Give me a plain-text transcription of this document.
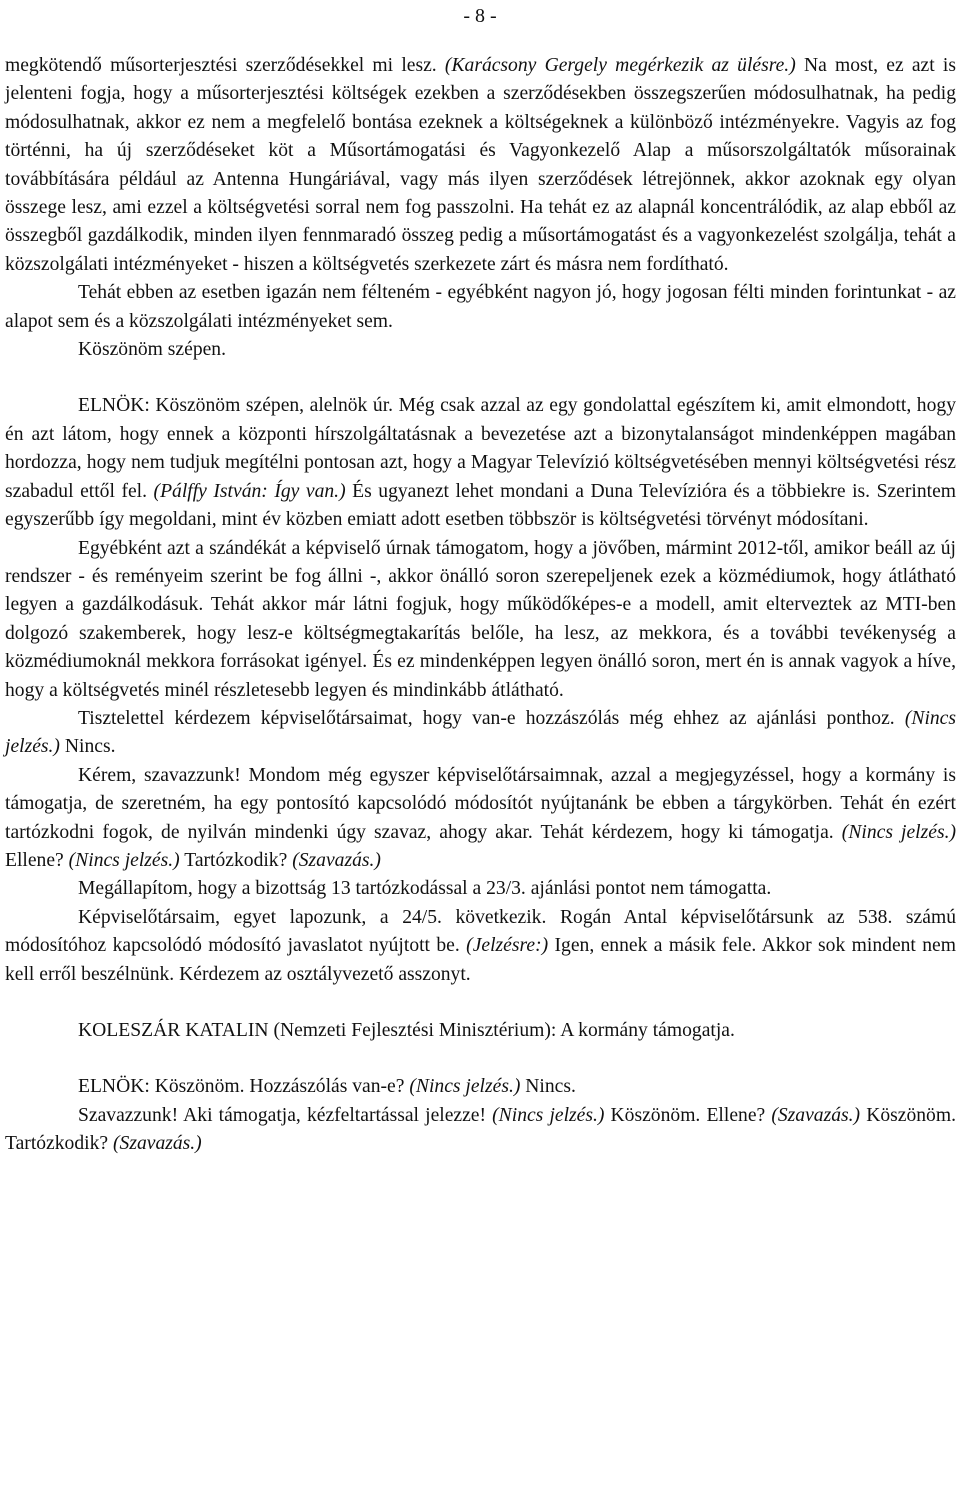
- 8 -

megkötendő műsorterjesztési szerződésekkel mi lesz. (Karácsony Gergely megérkezik az ülésre.) Na most, ez azt is jelenteni fogja, hogy a műsorterjesztési költségek ezekben a szerződésekben összegszerűen módosulhatnak, ha pedig módosulhatnak, akkor ez nem a megfelelő bontása ezeknek a költségeknek a különböző intézményekre. Vagyis az fog történni, ha új szerződéseket köt a Műsortámogatási és Vagyonkezelő Alap a műsorszolgáltatók műsorainak továbbítására például az Antenna Hungáriával, vagy más ilyen szerződések létrejönnek, akkor azoknak egy olyan összege lesz, ami ezzel a költségvetési sorral nem fog passzolni. Ha tehát ez az alapnál koncentrálódik, az alap ebből az összegből gazdálkodik, minden ilyen fennmaradó összeg pedig a műsortámogatást és a vagyonkezelést szolgálja, tehát a közszolgálati intézményeket - hiszen a költségvetés szerkezete zárt és másra nem fordítható.

Tehát ebben az esetben igazán nem félteném - egyébként nagyon jó, hogy jogosan félti minden forintunkat - az alapot sem és a közszolgálati intézményeket sem.

Köszönöm szépen.

ELNÖK: Köszönöm szépen, alelnök úr. Még csak azzal az egy gondolattal egészítem ki, amit elmondott, hogy én azt látom, hogy ennek a központi hírszolgáltatásnak a bevezetése azt a bizonytalanságot mindenképpen magában hordozza, hogy nem tudjuk megítélni pontosan azt, hogy a Magyar Televízió költségvetésében mennyi költségvetési rész szabadul ettől fel. (Pálffy István: Így van.) És ugyanezt lehet mondani a Duna Televízióra és a többiekre is. Szerintem egyszerűbb így megoldani, mint év közben emiatt adott esetben többször is költségvetési törvényt módosítani.

Egyébként azt a szándékát a képviselő úrnak támogatom, hogy a jövőben, mármint 2012-től, amikor beáll az új rendszer - és reményeim szerint be fog állni -, akkor önálló soron szerepeljenek ezek a közmédiumok, hogy átlátható legyen a gazdálkodásuk. Tehát akkor már látni fogjuk, hogy működőképes-e a modell, amit elterveztek az MTI-ben dolgozó szakemberek, hogy lesz-e költségmegtakarítás belőle, ha lesz, az mekkora, és a további tevékenység a közmédiumoknál mekkora forrásokat igényel. És ez mindenképpen legyen önálló soron, mert én is annak vagyok a híve, hogy a költségvetés minél részletesebb legyen és mindinkább átlátható.

Tisztelettel kérdezem képviselőtársaimat, hogy van-e hozzászólás még ehhez az ajánlási ponthoz. (Nincs jelzés.) Nincs.

Kérem, szavazzunk! Mondom még egyszer képviselőtársaimnak, azzal a megjegyzéssel, hogy a kormány is támogatja, de szeretném, ha egy pontosító kapcsolódó módosítót nyújtanánk be ebben a tárgykörben. Tehát én ezért tartózkodni fogok, de nyilván mindenki úgy szavaz, ahogy akar. Tehát kérdezem, hogy ki támogatja. (Nincs jelzés.) Ellene? (Nincs jelzés.) Tartózkodik? (Szavazás.)

Megállapítom, hogy a bizottság 13 tartózkodással a 23/3. ajánlási pontot nem támogatta.

Képviselőtársaim, egyet lapozunk, a 24/5. következik. Rogán Antal képviselőtársunk az 538. számú módosítóhoz kapcsolódó módosító javaslatot nyújtott be. (Jelzésre:) Igen, ennek a másik fele. Akkor sok mindent nem kell erről beszélnünk. Kérdezem az osztályvezető asszonyt.

KOLESZÁR KATALIN (Nemzeti Fejlesztési Minisztérium): A kormány támogatja.

ELNÖK: Köszönöm. Hozzászólás van-e? (Nincs jelzés.) Nincs.

Szavazzunk! Aki támogatja, kézfeltartással jelezze! (Nincs jelzés.) Köszönöm. Ellene? (Szavazás.) Köszönöm. Tartózkodik? (Szavazás.)
